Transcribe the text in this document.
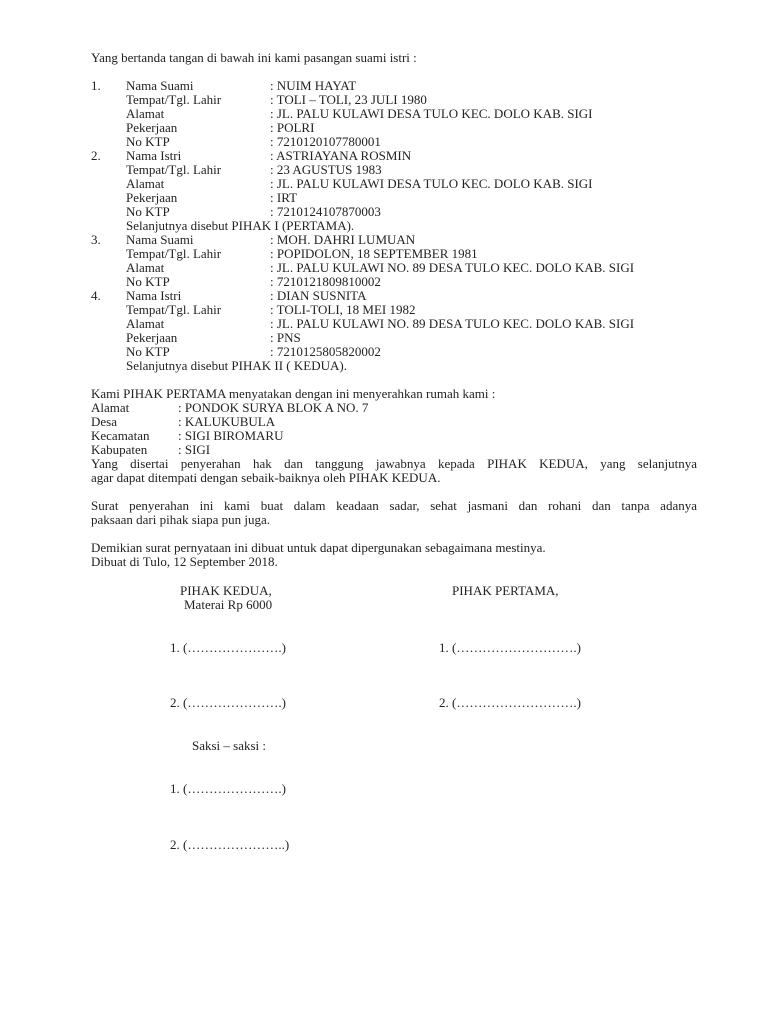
Yang bertanda tangan di bawah ini kami pasangan suami istri :
1. Nama Suami	: NUIM HAYAT
Tempat/Tgl. Lahir	: TOLI – TOLI, 23 JULI 1980
Alamat	: JL. PALU KULAWI DESA TULO KEC. DOLO KAB. SIGI
Pekerjaan	: POLRI
No KTP	: 7210120107780001
2. Nama Istri	: ASTRIAYANA ROSMIN
Tempat/Tgl. Lahir	: 23 AGUSTUS 1983
Alamat	: JL. PALU KULAWI DESA TULO KEC. DOLO KAB. SIGI
Pekerjaan	: IRT
No KTP	: 7210124107870003
Selanjutnya disebut PIHAK I (PERTAMA).
3. Nama Suami	: MOH. DAHRI LUMUAN
Tempat/Tgl. Lahir	: POPIDOLON, 18 SEPTEMBER 1981
Alamat	: JL. PALU KULAWI NO. 89 DESA TULO KEC. DOLO KAB. SIGI
No KTP	: 7210121809810002
4. Nama Istri	: DIAN SUSNITA
Tempat/Tgl. Lahir	: TOLI-TOLI, 18 MEI 1982
Alamat	: JL. PALU KULAWI NO. 89 DESA TULO KEC. DOLO KAB. SIGI
Pekerjaan	: PNS
No KTP	: 7210125805820002
Selanjutnya disebut PIHAK II ( KEDUA).
Kami PIHAK PERTAMA menyatakan dengan ini menyerahkan rumah kami :
Alamat	: PONDOK SURYA BLOK A NO. 7
Desa	: KALUKUBULA
Kecamatan : SIGI BIROMARU
Kabupaten : SIGI
Yang disertai penyerahan hak dan tanggung jawabnya kepada PIHAK KEDUA, yang selanjutnya
agar dapat ditempati dengan sebaik-baiknya oleh PIHAK KEDUA.
Surat penyerahan ini kami buat dalam keadaan sadar, sehat jasmani dan rohani dan tanpa adanya
paksaan dari pihak siapa pun juga.
Demikian surat pernyataan ini dibuat untuk dapat dipergunakan sebagaimana mestinya.
Dibuat di Tulo, 12 September 2018.
PIHAK KEDUA,
Materai Rp 6000
PIHAK PERTAMA,
1. (………………….)	1. (……………………….)
2. (………………….)	2. (……………………….)
Saksi – saksi :
1. (………………….)
2. (…………………..)
